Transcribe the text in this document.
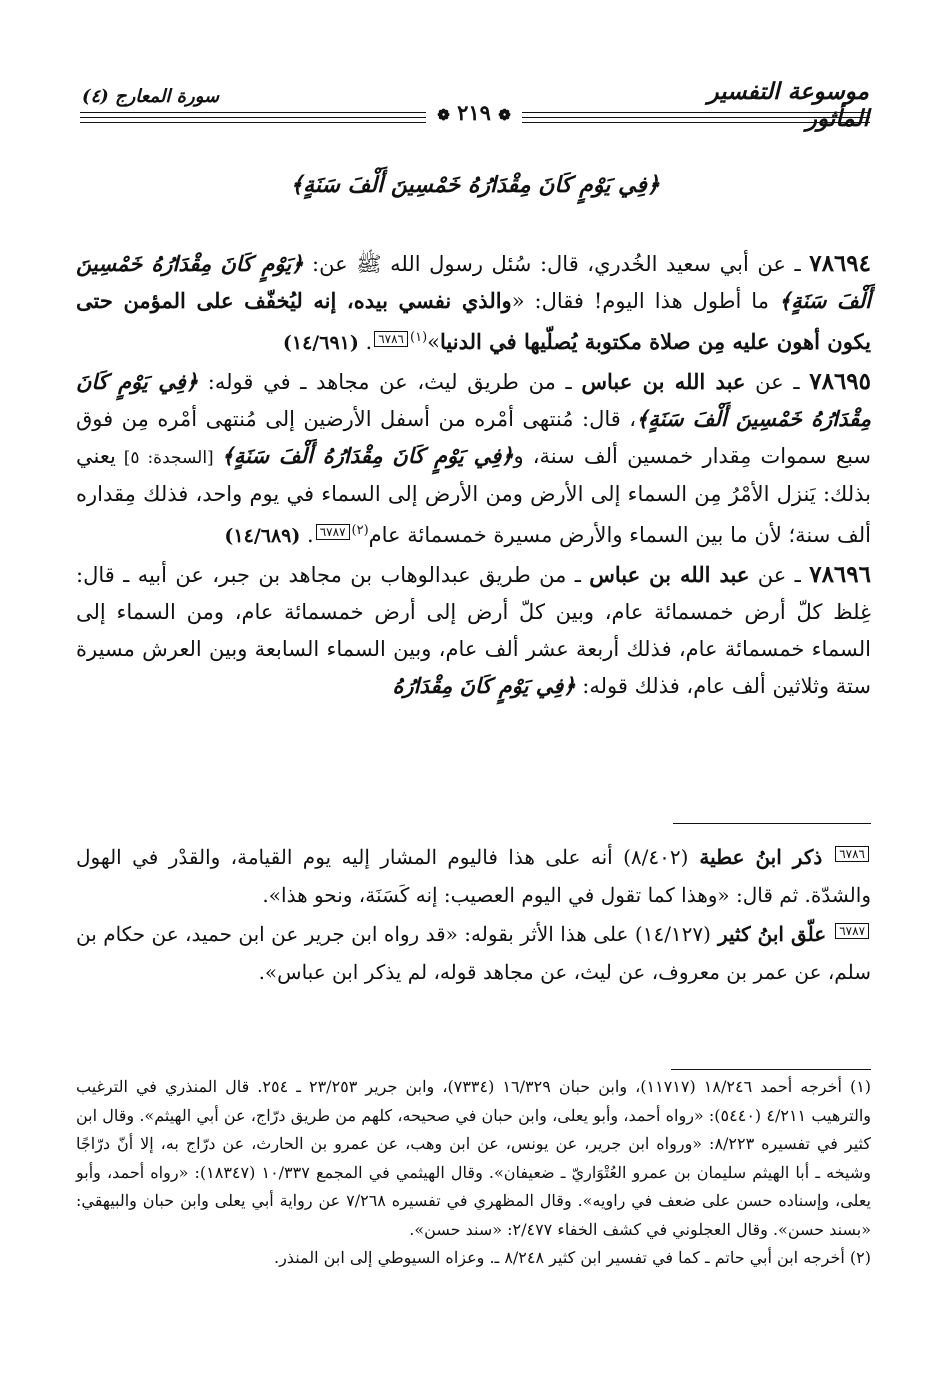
موسوعة التفسير المأثور
سورة المعارج (٤)
❁ ٢١٩ ❁
﴿فِي يَوْمٍ كَانَ مِقْدَارُهُ خَمْسِينَ أَلْفَ سَنَةٍ﴾

٧٨٦٩٤ ـ عن أبي سعيد الخُدري، قال: سُئل رسول الله ﷺ عن: ﴿يَوْمٍ كَانَ مِقْدَارُهُ خَمْسِينَ أَلْفَ سَنَةٍ﴾ ما أطول هذا اليوم! فقال: «والذي نفسي بيده، إنه ليُخفّف على المؤمن حتى يكون أهون عليه مِن صلاة مكتوبة يُصلّيها في الدنيا»$^{(١)}$٦٧٨٦. (١٤/٦٩١)

٧٨٦٩٥ ـ عن عبد الله بن عباس ـ من طريق ليث، عن مجاهد ـ في قوله: ﴿فِي يَوْمٍ كَانَ مِقْدَارُهُ خَمْسِينَ أَلْفَ سَنَةٍ﴾، قال: مُنتهى أمْره من أسفل الأرضين إلى مُنتهى أمْره مِن فوق سبع سموات مِقدار خمسين ألف سنة، و﴿فِي يَوْمٍ كَانَ مِقْدَارُهُ أَلْفَ سَنَةٍ﴾ [السجدة: ٥] يعني بذلك: يَنزل الأمْرُ مِن السماء إلى الأرض ومن الأرض إلى السماء في يوم واحد، فذلك مِقداره ألف سنة؛ لأن ما بين السماء والأرض مسيرة خمسمائة عام$^{(٢)}$٦٧٨٧. (١٤/٦٨٩)

٧٨٦٩٦ ـ عن عبد الله بن عباس ـ من طريق عبدالوهاب بن مجاهد بن جبر، عن أبيه ـ قال: غِلظ كلّ أرض خمسمائة عام، وبين كلّ أرض إلى أرض خمسمائة عام، ومن السماء إلى السماء خمسمائة عام، فذلك أربعة عشر ألف عام، وبين السماء السابعة وبين العرش مسيرة ستة وثلاثين ألف عام، فذلك قوله: ﴿فِي يَوْمٍ كَانَ مِقْدَارُهُ

٦٧٨٦ ذكر ابنُ عطية (٨/٤٠٢) أنه على هذا فاليوم المشار إليه يوم القيامة، والقدْر في الهول والشدّة. ثم قال: «وهذا كما تقول في اليوم العصيب: إنه كَسَنَة، ونحو هذا».

٦٧٨٧ علّق ابنُ كثير (١٤/١٢٧) على هذا الأثر بقوله: «قد رواه ابن جرير عن ابن حميد، عن حكام بن سلم، عن عمر بن معروف، عن ليث، عن مجاهد قوله، لم يذكر ابن عباس».

(١) أخرجه أحمد ١٨/٢٤٦ (١١٧١٧)، وابن حبان ١٦/٣٢٩ (٧٣٣٤)، وابن جرير ٢٣/٢٥٣ ـ ٢٥٤. قال المنذري في الترغيب والترهيب ٤/٢١١ (٥٤٤٠): «رواه أحمد، وأبو يعلى، وابن حبان في صحيحه، كلهم من طريق درّاج، عن أبي الهيثم». وقال ابن كثير في تفسيره ٨/٢٢٣: «ورواه ابن جرير، عن يونس، عن ابن وهب، عن عمرو بن الحارث، عن درّاج به، إلا أنّ درّاجًا وشيخه ـ أبا الهيثم سليمان بن عمرو العُتْوَاريّ ـ ضعيفان». وقال الهيثمي في المجمع ١٠/٣٣٧ (١٨٣٤٧): «رواه أحمد، وأبو يعلى، وإسناده حسن على ضعف في راويه». وقال المظهري في تفسيره ٧/٢٦٨ عن رواية أبي يعلى وابن حبان والبيهقي: «بسند حسن». وقال العجلوني في كشف الخفاء ٢/٤٧٧: «سند حسن».

(٢) أخرجه ابن أبي حاتم ـ كما في تفسير ابن كثير ٨/٢٤٨ ـ. وعزاه السيوطي إلى ابن المنذر.
